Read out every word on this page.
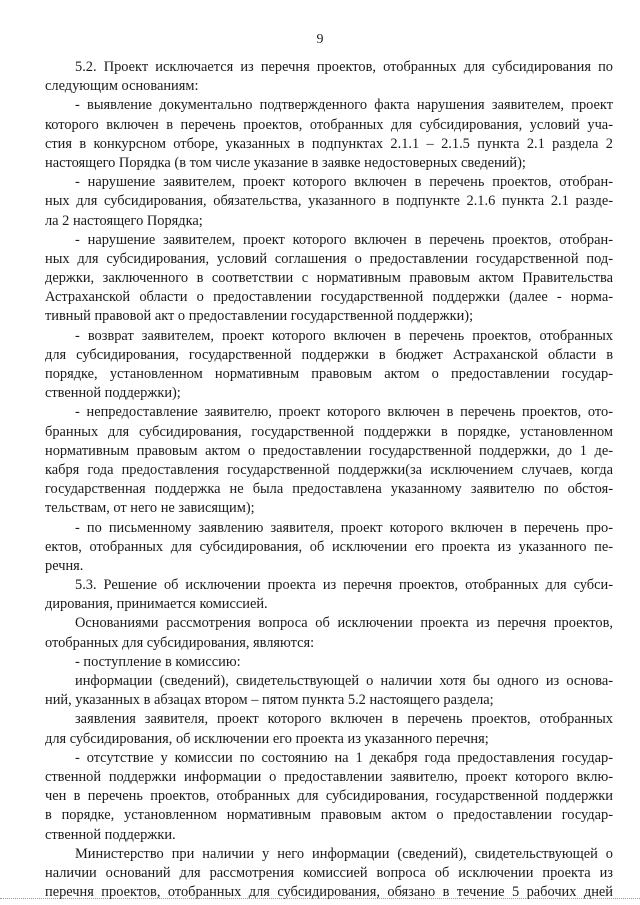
9
5.2. Проект исключается из перечня проектов, отобранных для субсидирования по
следующим основаниям:
- выявление документально подтвержденного факта нарушения заявителем, проект
которого включен в перечень проектов, отобранных для субсидирования, условий уча-
стия в конкурсном отборе, указанных в подпунктах 2.1.1 – 2.1.5 пункта 2.1 раздела 2
настоящего Порядка (в том числе указание в заявке недостоверных сведений);
- нарушение заявителем, проект которого включен в перечень проектов, отобран-
ных для субсидирования, обязательства, указанного в подпункте 2.1.6 пункта 2.1 разде-
ла 2 настоящего Порядка;
- нарушение заявителем, проект которого включен в перечень проектов, отобран-
ных для субсидирования, условий соглашения о предоставлении государственной под-
держки, заключенного в соответствии с нормативным правовым актом Правительства
Астраханской области о предоставлении государственной поддержки (далее - норма-
тивный правовой акт о предоставлении государственной поддержки);
- возврат заявителем, проект которого включен в перечень проектов, отобранных
для субсидирования, государственной поддержки в бюджет Астраханской области в
порядке, установленном нормативным правовым актом о предоставлении государ-
ственной поддержки);
- непредоставление заявителю, проект которого включен в перечень проектов, ото-
бранных для субсидирования, государственной поддержки в порядке, установленном
нормативным правовым актом о предоставлении государственной поддержки, до 1 де-
кабря года предоставления государственной поддержки(за исключением случаев, когда
государственная поддержка не была предоставлена указанному заявителю по обстоя-
тельствам, от него не зависящим);
- по письменному заявлению заявителя, проект которого включен в перечень про-
ектов, отобранных для субсидирования, об исключении его проекта из указанного пе-
речня.
5.3. Решение об исключении проекта из перечня проектов, отобранных для субси-
дирования, принимается комиссией.
Основаниями рассмотрения вопроса об исключении проекта из перечня проектов,
отобранных для субсидирования, являются:
- поступление в комиссию:
информации (сведений), свидетельствующей о наличии хотя бы одного из основа-
ний, указанных в абзацах втором – пятом пункта 5.2 настоящего раздела;
заявления заявителя, проект которого включен в перечень проектов, отобранных
для субсидирования, об исключении его проекта из указанного перечня;
- отсутствие у комиссии по состоянию на 1 декабря года предоставления государ-
ственной поддержки информации о предоставлении заявителю, проект которого вклю-
чен в перечень проектов, отобранных для субсидирования, государственной поддержки
в порядке, установленном нормативным правовым актом о предоставлении государ-
ственной поддержки.
Министерство при наличии у него информации (сведений), свидетельствующей о
наличии оснований для рассмотрения комиссией вопроса об исключении проекта из
перечня проектов, отобранных для субсидирования, обязано в течение 5 рабочих дней
